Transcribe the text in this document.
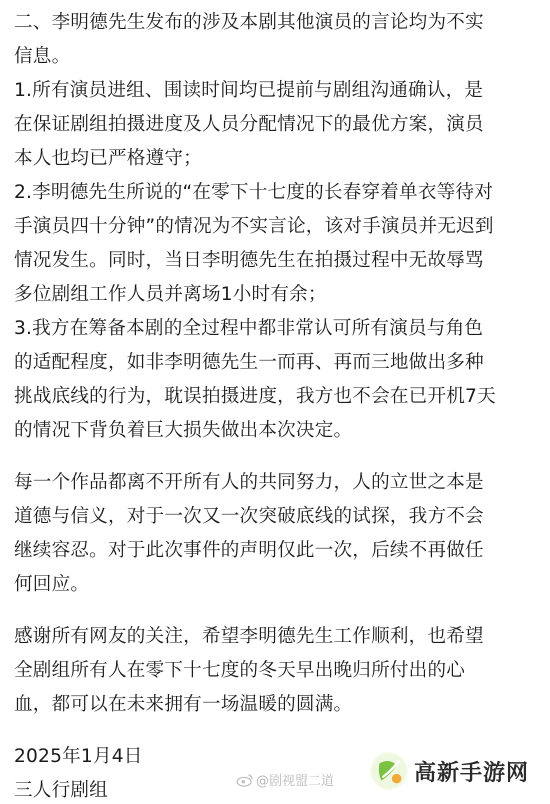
二、李明德先生发布的涉及本剧其他演员的言论均为不实
信息。
1.所有演员进组、围读时间均已提前与剧组沟通确认，是
在保证剧组拍摄进度及人员分配情况下的最优方案，演员
本人也均已严格遵守；
2.李明德先生所说的“在零下十七度的长春穿着单衣等待对
手演员四十分钟”的情况为不实言论，该对手演员并无迟到
情况发生。同时，当日李明德先生在拍摄过程中无故辱骂
多位剧组工作人员并离场1小时有余；
3.我方在筹备本剧的全过程中都非常认可所有演员与角色
的适配程度，如非李明德先生一而再、再而三地做出多种
挑战底线的行为，耽误拍摄进度，我方也不会在已开机7天
的情况下背负着巨大损失做出本次决定。
每一个作品都离不开所有人的共同努力，人的立世之本是
道德与信义，对于一次又一次突破底线的试探，我方不会
继续容忍。对于此次事件的声明仅此一次，后续不再做任
何回应。
感谢所有网友的关注，希望李明德先生工作顺利，也希望
全剧组所有人在零下十七度的冬天早出晚归所付出的心
血，都可以在未来拥有一场温暖的圆满。
2025年1月4日
三人行剧组	@剧视盟二道	高新手游网
